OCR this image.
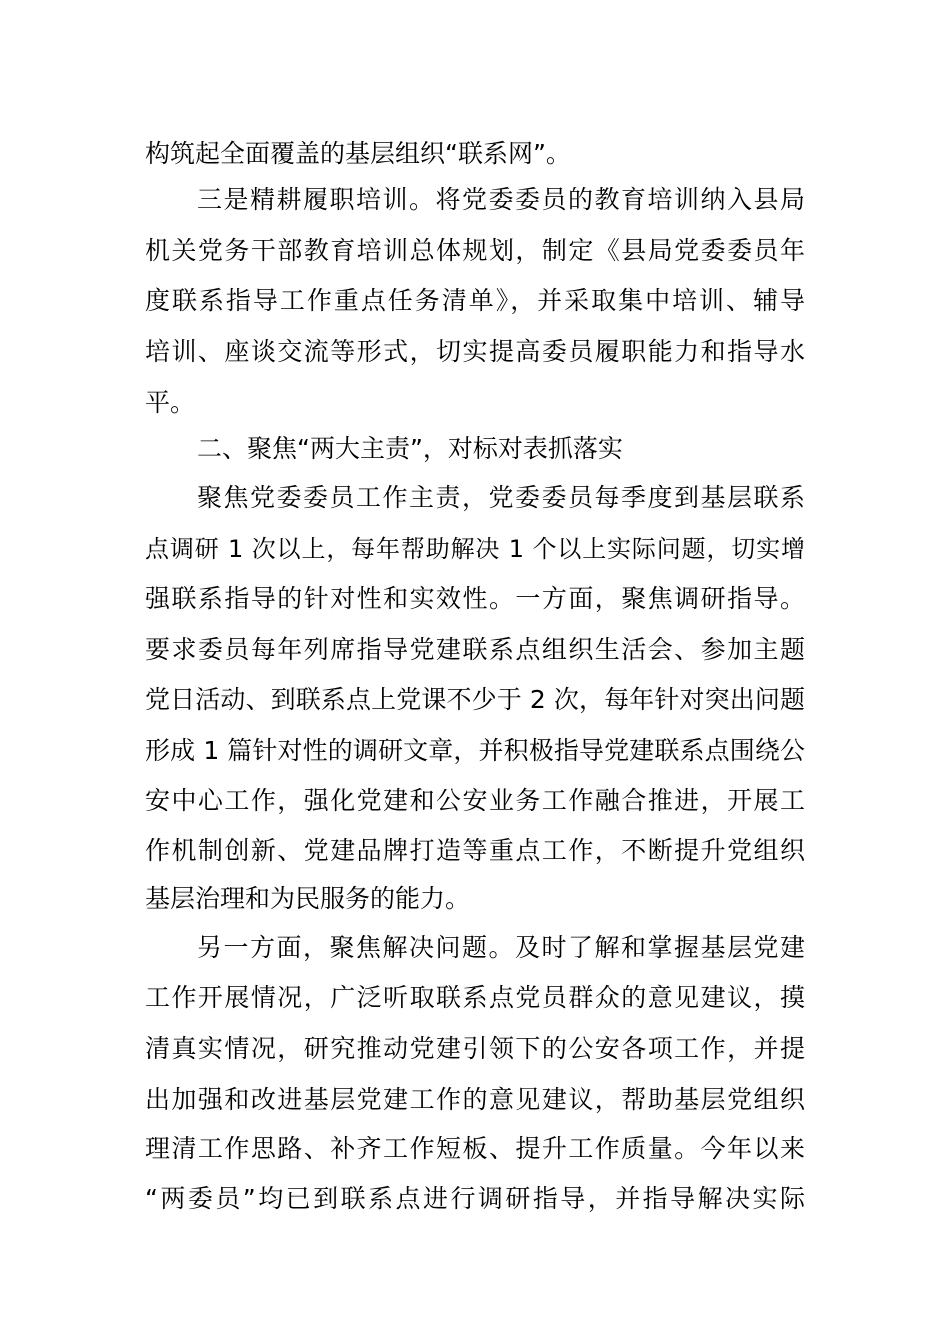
构筑起全面覆盖的基层组织“联系网”。
三是精耕履职培训。将党委委员的教育培训纳入县局
机关党务干部教育培训总体规划，制定《县局党委委员年
度联系指导工作重点任务清单》，并采取集中培训、辅导
培训、座谈交流等形式，切实提高委员履职能力和指导水
平。
二、聚焦“两大主责”，对标对表抓落实
聚焦党委委员工作主责，党委委员每季度到基层联系
点调研 1 次以上，每年帮助解决 1 个以上实际问题，切实增
强联系指导的针对性和实效性。一方面，聚焦调研指导。
要求委员每年列席指导党建联系点组织生活会、参加主题
党日活动、到联系点上党课不少于 2 次，每年针对突出问题
形成 1 篇针对性的调研文章，并积极指导党建联系点围绕公
安中心工作，强化党建和公安业务工作融合推进，开展工
作机制创新、党建品牌打造等重点工作，不断提升党组织
基层治理和为民服务的能力。
另一方面，聚焦解决问题。及时了解和掌握基层党建
工作开展情况，广泛听取联系点党员群众的意见建议，摸
清真实情况，研究推动党建引领下的公安各项工作，并提
出加强和改进基层党建工作的意见建议，帮助基层党组织
理清工作思路、补齐工作短板、提升工作质量。今年以来
“两委员”均已到联系点进行调研指导，并指导解决实际
